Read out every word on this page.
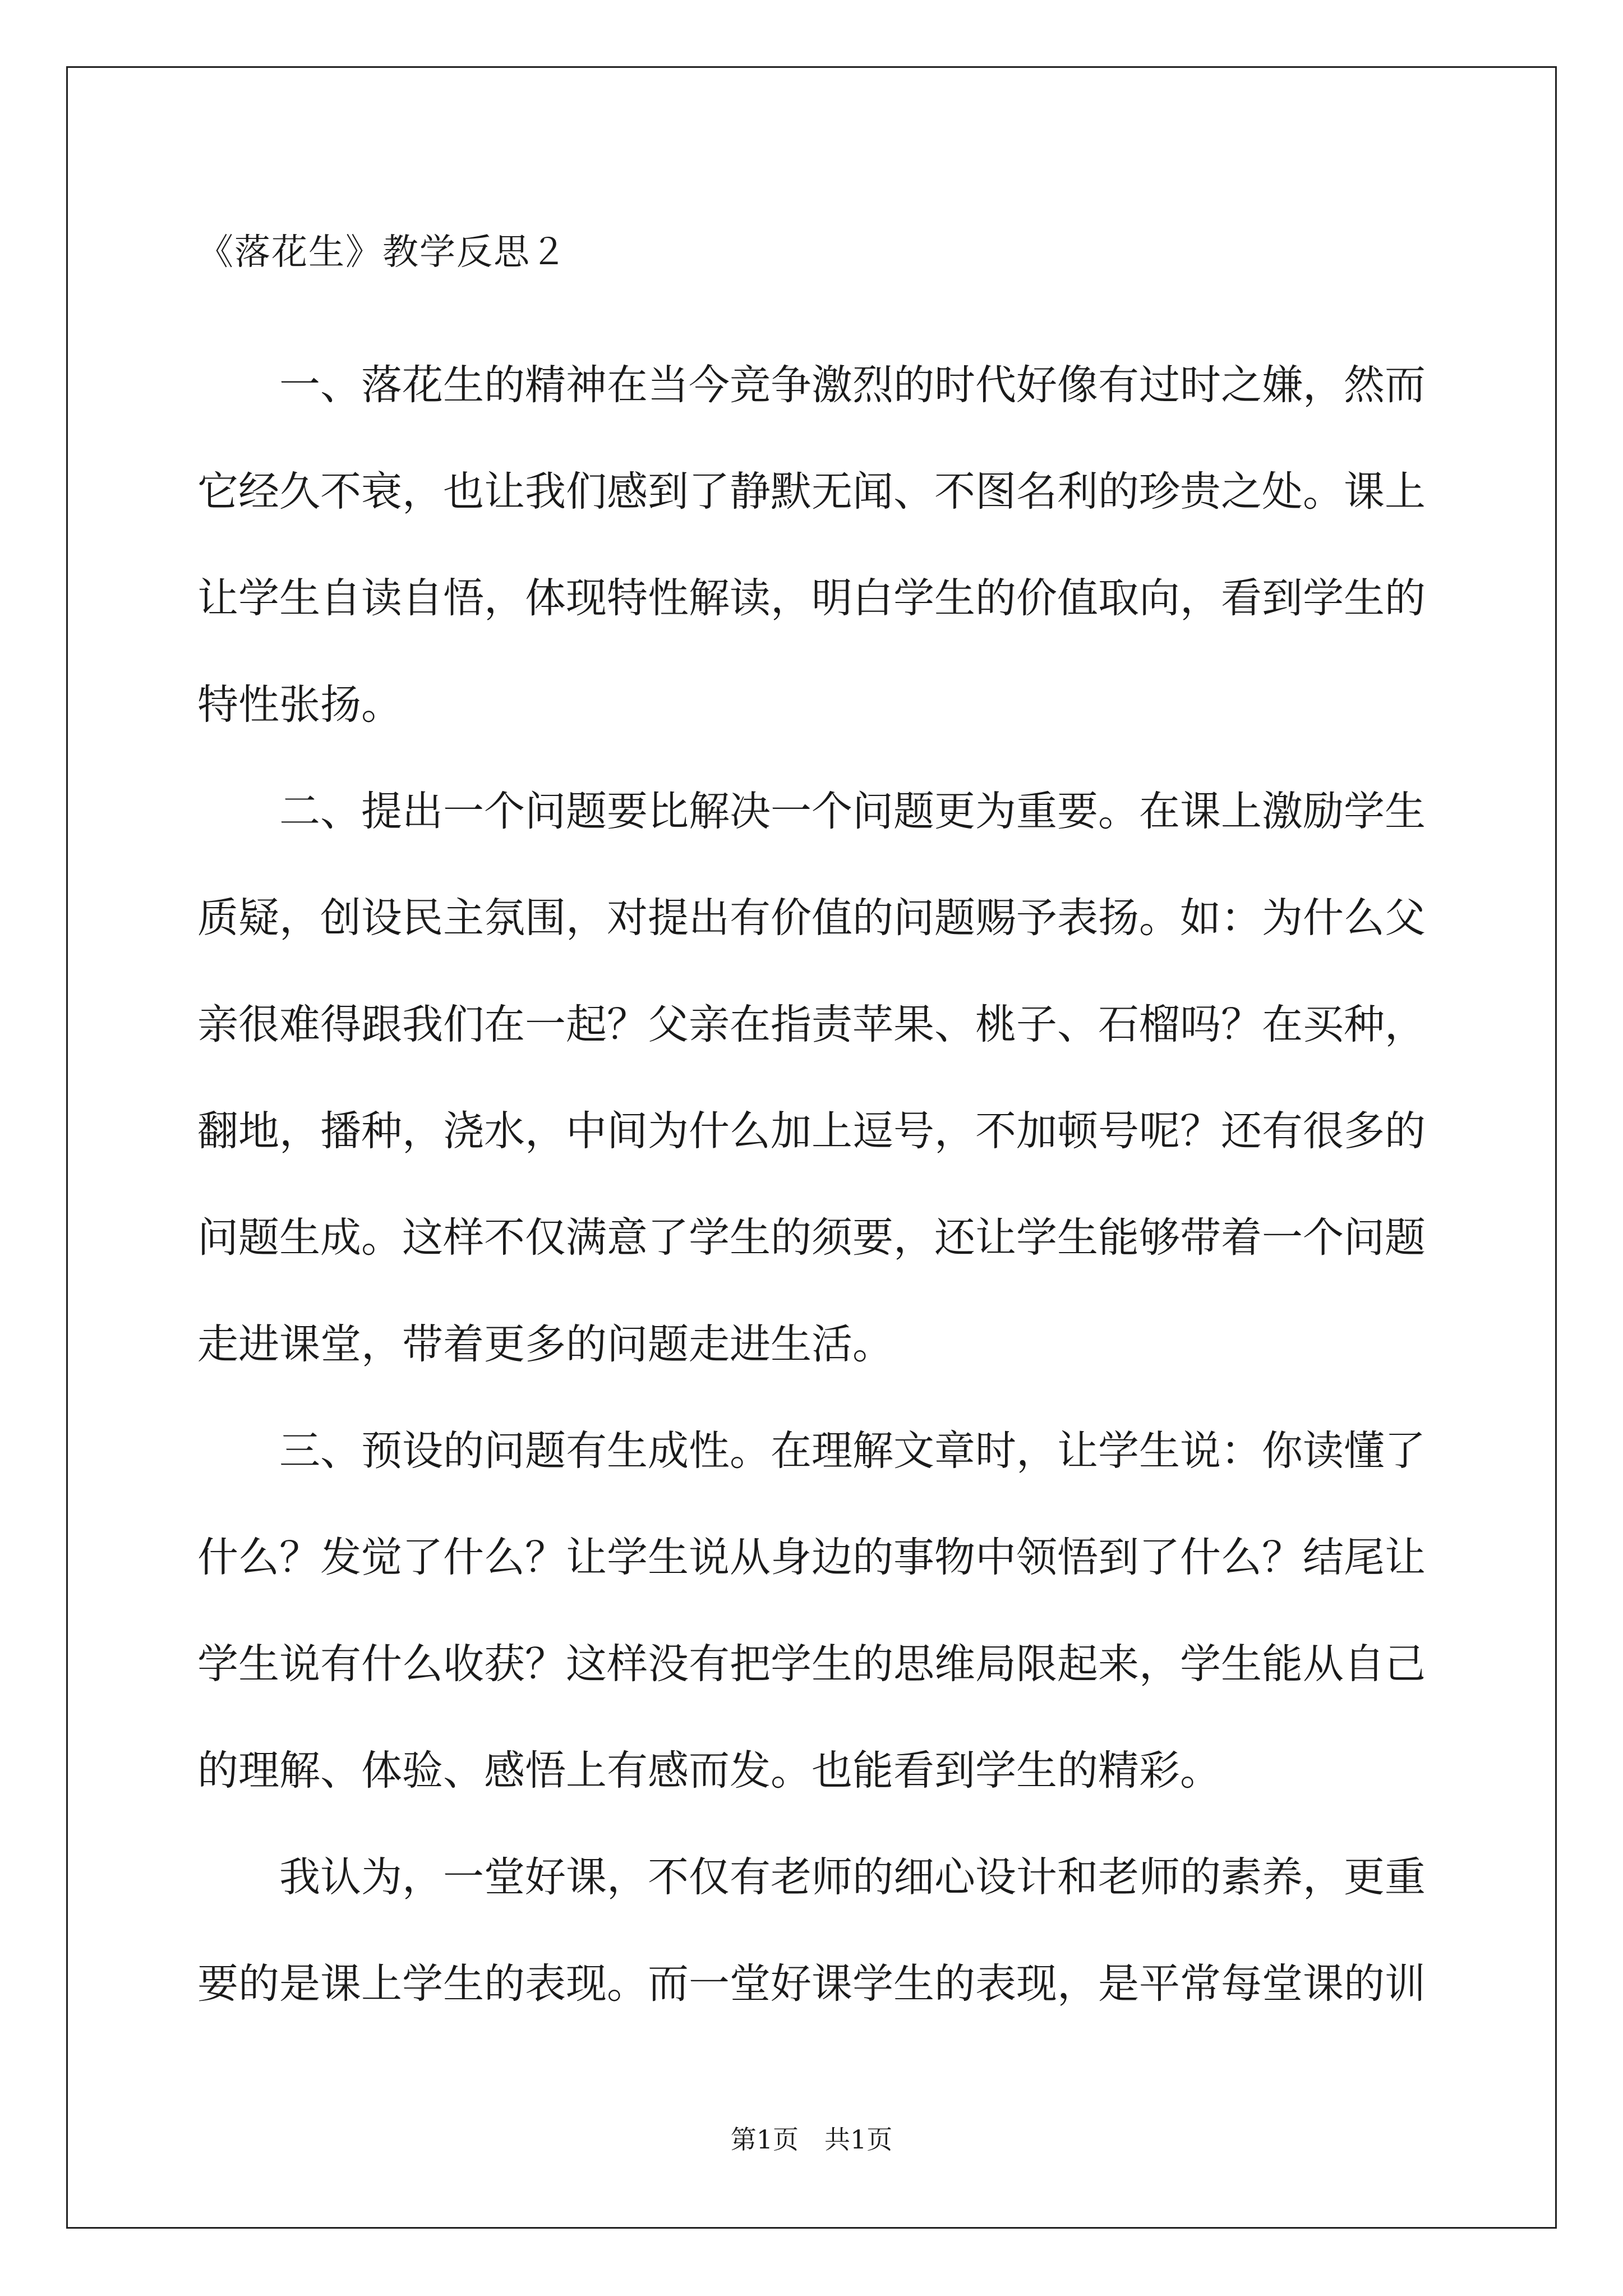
《落花生》教学反思２

一、落花生的精神在当今竞争激烈的时代好像有过时之嫌，然而它经久不衰，也让我们感到了静默无闻、不图名利的珍贵之处。课上让学生自读自悟，体现特性解读，明白学生的价值取向，看到学生的特性张扬。

二、提出一个问题要比解决一个问题更为重要。在课上激励学生质疑，创设民主氛围，对提出有价值的问题赐予表扬。如：为什么父亲很难得跟我们在一起？父亲在指责苹果、桃子、石榴吗？在买种，翻地，播种，浇水，中间为什么加上逗号，不加顿号呢？还有很多的问题生成。这样不仅满意了学生的须要，还让学生能够带着一个问题走进课堂，带着更多的问题走进生活。

三、预设的问题有生成性。在理解文章时，让学生说：你读懂了什么？发觉了什么？让学生说从身边的事物中领悟到了什么？结尾让学生说有什么收获？这样没有把学生的思维局限起来，学生能从自己的理解、体验、感悟上有感而发。也能看到学生的精彩。

我认为，一堂好课，不仅有老师的细心设计和老师的素养，更重要的是课上学生的表现。而一堂好课学生的表现，是平常每堂课的训

第1页　共1页
